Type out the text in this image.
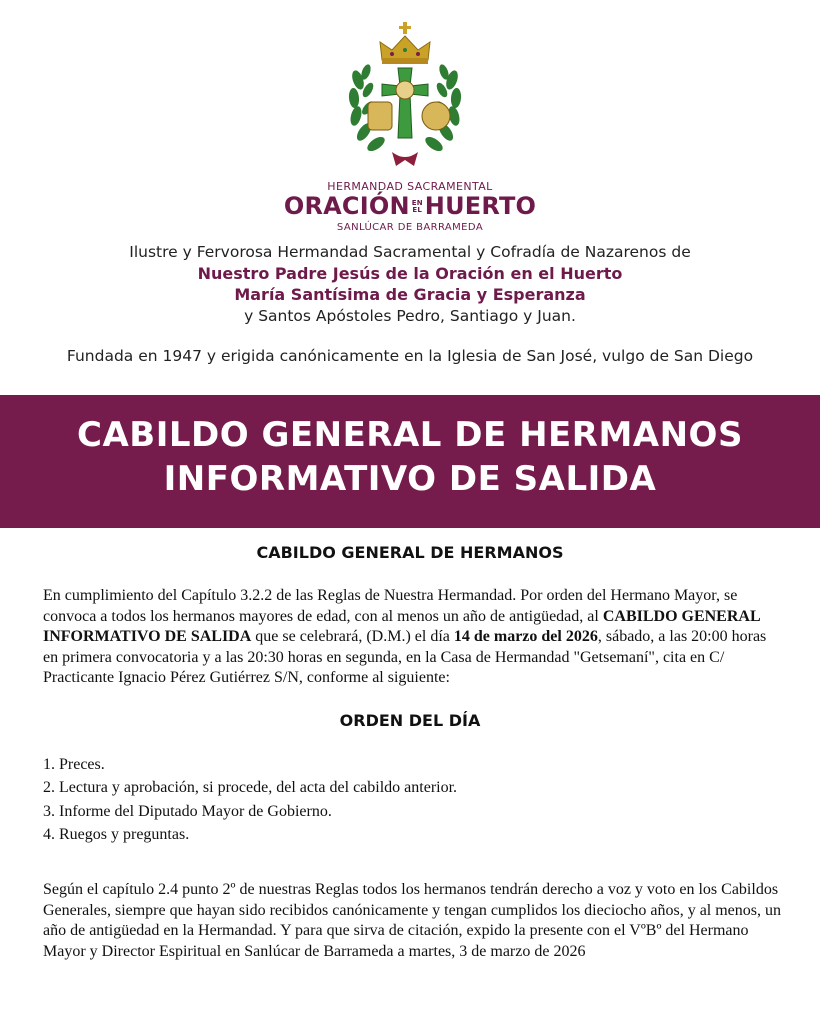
HERMANDAD SACRAMENTAL
ORACIÓN EN
EL HUERTO
SANLÚCAR DE BARRAMEDA
Ilustre y Fervorosa Hermandad Sacramental y Cofradía de Nazarenos de
Nuestro Padre Jesús de la Oración en el Huerto
María Santísima de Gracia y Esperanza
y Santos Apóstoles Pedro, Santiago y Juan.
Fundada en 1947 y erigida canónicamente en la Iglesia de San José, vulgo de San Diego
CABILDO GENERAL DE HERMANOS
INFORMATIVO DE SALIDA
CABILDO GENERAL DE HERMANOS
En cumplimiento del Capítulo 3.2.2 de las Reglas de Nuestra Hermandad. Por orden del Hermano Mayor, se convoca a todos los hermanos mayores de edad, con al menos un año de antigüedad, al CABILDO GENERAL INFORMATIVO DE SALIDA que se celebrará, (D.M.) el día 14 de marzo del 2026, sábado, a las 20:00 horas en primera convocatoria y a las 20:30 horas en segunda, en la Casa de Hermandad "Getsemaní", cita en C/ Practicante Ignacio Pérez Gutiérrez S/N, conforme al siguiente:
ORDEN DEL DÍA
1. Preces.
2. Lectura y aprobación, si procede, del acta del cabildo anterior.
3. Informe del Diputado Mayor de Gobierno.
4. Ruegos y preguntas.
Según el capítulo 2.4 punto 2º de nuestras Reglas todos los hermanos tendrán derecho a voz y voto en los Cabildos Generales, siempre que hayan sido recibidos canónicamente y tengan cumplidos los dieciocho años, y al menos, un año de antigüedad en la Hermandad. Y para que sirva de citación, expido la presente con el VºBº del Hermano Mayor y Director Espiritual en Sanlúcar de Barrameda a martes, 3 de marzo de 2026
